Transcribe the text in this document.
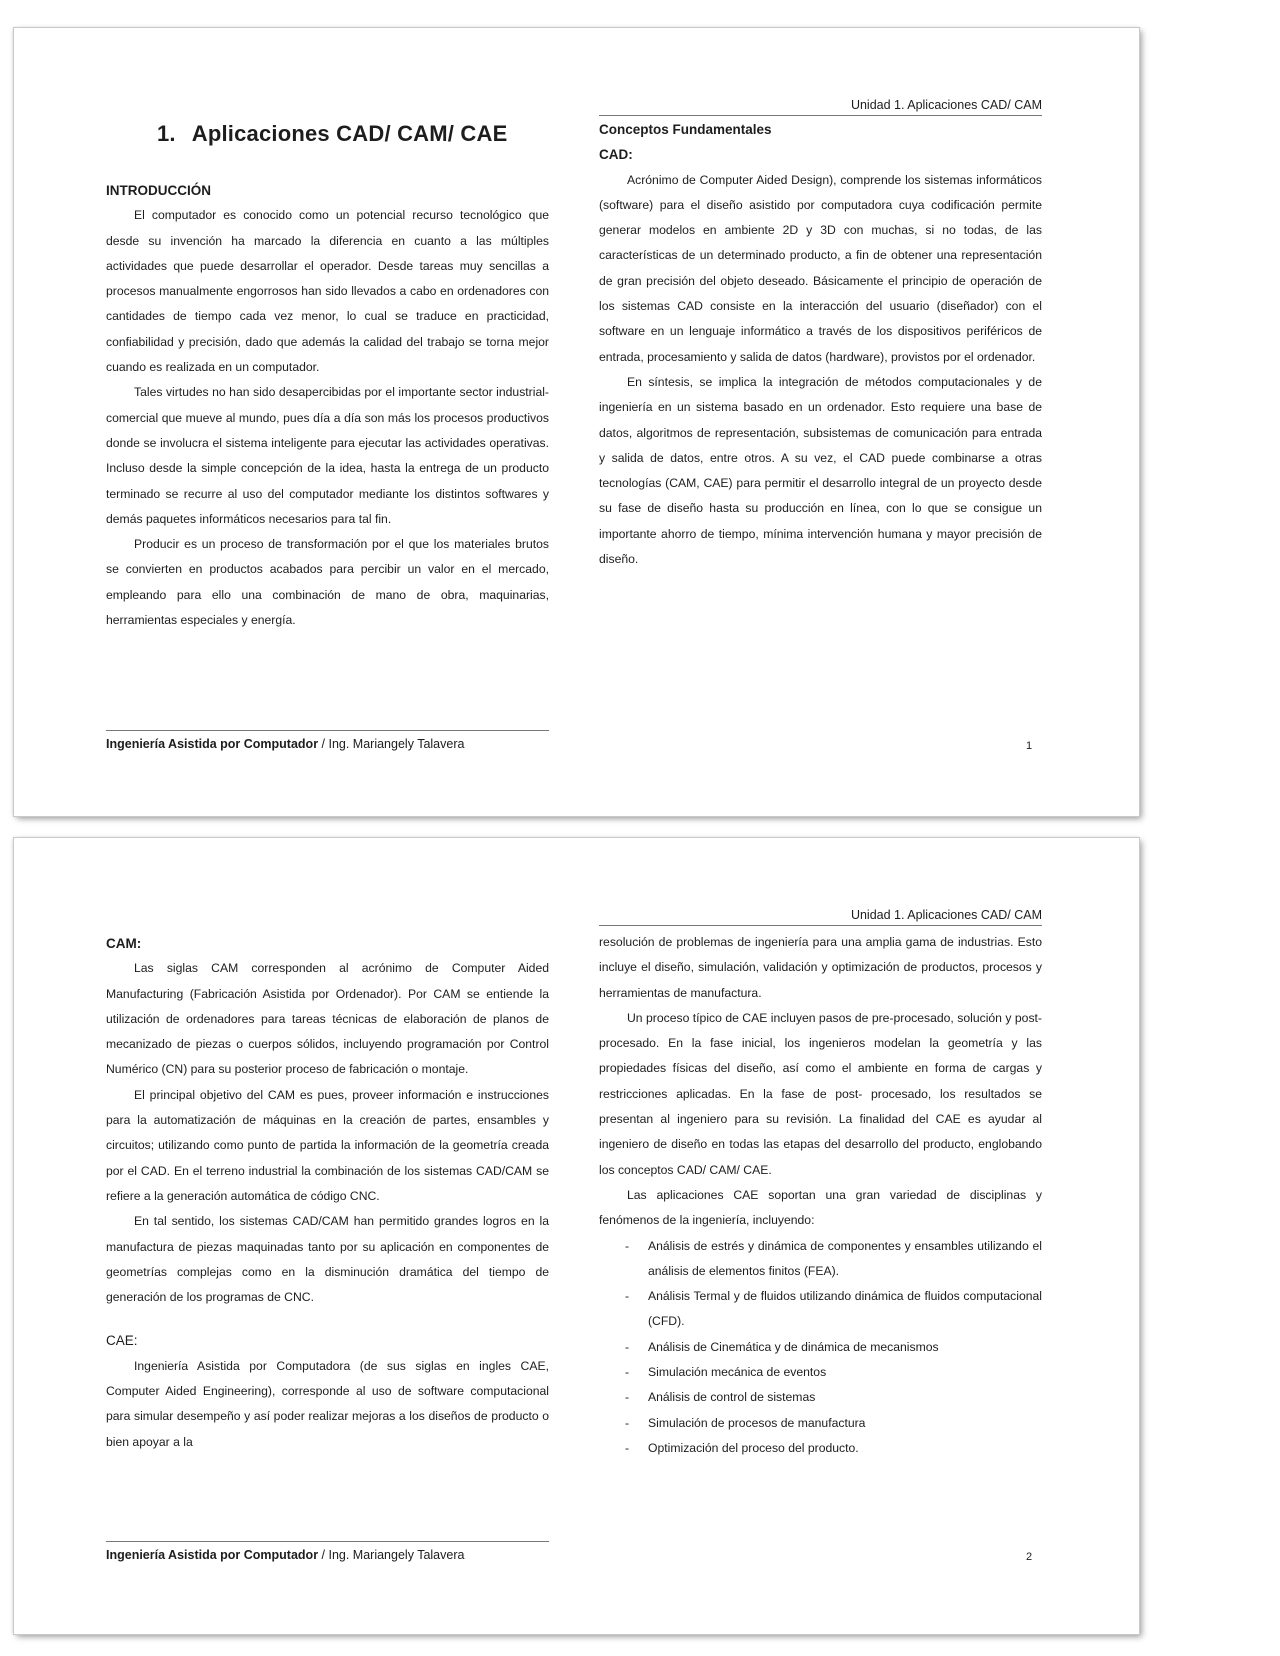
Unidad 1. Aplicaciones CAD/ CAM
1. Aplicaciones CAD/ CAM/ CAE
INTRODUCCIÓN

El computador es conocido como un potencial recurso tecnológico que desde su invención ha marcado la diferencia en cuanto a las múltiples actividades que puede desarrollar el operador. Desde tareas muy sencillas a procesos manualmente engorrosos han sido llevados a cabo en ordenadores con cantidades de tiempo cada vez menor, lo cual se traduce en practicidad, confiabilidad y precisión, dado que además la calidad del trabajo se torna mejor cuando es realizada en un computador.

Tales virtudes no han sido desapercibidas por el importante sector industrial- comercial que mueve al mundo, pues día a día son más los procesos productivos donde se involucra el sistema inteligente para ejecutar las actividades operativas. Incluso desde la simple concepción de la idea, hasta la entrega de un producto terminado se recurre al uso del computador mediante los distintos softwares y demás paquetes informáticos necesarios para tal fin.

Producir es un proceso de transformación por el que los materiales brutos se convierten en productos acabados para percibir un valor en el mercado, empleando para ello una combinación de mano de obra, maquinarias, herramientas especiales y energía.

Conceptos Fundamentales
CAD:

Acrónimo de Computer Aided Design), comprende los sistemas informáticos (software) para el diseño asistido por computadora cuya codificación permite generar modelos en ambiente 2D y 3D con muchas, si no todas, de las características de un determinado producto, a fin de obtener una representación de gran precisión del objeto deseado. Básicamente el principio de operación de los sistemas CAD consiste en la interacción del usuario (diseñador) con el software en un lenguaje informático a través de los dispositivos periféricos de entrada, procesamiento y salida de datos (hardware), provistos por el ordenador.

En síntesis, se implica la integración de métodos computacionales y de ingeniería en un sistema basado en un ordenador. Esto requiere una base de datos, algoritmos de representación, subsistemas de comunicación para entrada y salida de datos, entre otros. A su vez, el CAD puede combinarse a otras tecnologías (CAM, CAE) para permitir el desarrollo integral de un proyecto desde su fase de diseño hasta su producción en línea, con lo que se consigue un importante ahorro de tiempo, mínima intervención humana y mayor precisión de diseño.

Ingeniería Asistida por Computador / Ing. Mariangely Talavera	1
Unidad 1. Aplicaciones CAD/ CAM
CAM:

Las siglas CAM corresponden al acrónimo de Computer Aided Manufacturing (Fabricación Asistida por Ordenador). Por CAM se entiende la utilización de ordenadores para tareas técnicas de elaboración de planos de mecanizado de piezas o cuerpos sólidos, incluyendo programación por Control Numérico (CN) para su posterior proceso de fabricación o montaje.

El principal objetivo del CAM es pues, proveer información e instrucciones para la automatización de máquinas en la creación de partes, ensambles y circuitos; utilizando como punto de partida la información de la geometría creada por el CAD. En el terreno industrial la combinación de los sistemas CAD/CAM se refiere a la generación automática de código CNC.

En tal sentido, los sistemas CAD/CAM han permitido grandes logros en la manufactura de piezas maquinadas tanto por su aplicación en componentes de geometrías complejas como en la disminución dramática del tiempo de generación de los programas de CNC.

CAE:

Ingeniería Asistida por Computadora (de sus siglas en ingles CAE, Computer Aided Engineering), corresponde al uso de software computacional para simular desempeño y así poder realizar mejoras a los diseños de producto o bien apoyar a la

resolución de problemas de ingeniería para una amplia gama de industrias. Esto incluye el diseño, simulación, validación y optimización de productos, procesos y herramientas de manufactura.

Un proceso típico de CAE incluyen pasos de pre-procesado, solución y post- procesado. En la fase inicial, los ingenieros modelan la geometría y las propiedades físicas del diseño, así como el ambiente en forma de cargas y restricciones aplicadas. En la fase de post- procesado, los resultados se presentan al ingeniero para su revisión. La finalidad del CAE es ayudar al ingeniero de diseño en todas las etapas del desarrollo del producto, englobando los conceptos CAD/ CAM/ CAE.

Las aplicaciones CAE soportan una gran variedad de disciplinas y fenómenos de la ingeniería, incluyendo:

- Análisis de estrés y dinámica de componentes y ensambles utilizando el análisis de elementos finitos (FEA).
- Análisis Termal y de fluidos utilizando dinámica de fluidos computacional (CFD).
- Análisis de Cinemática y de dinámica de mecanismos
- Simulación mecánica de eventos
- Análisis de control de sistemas
- Simulación de procesos de manufactura
- Optimización del proceso del producto.
Ingeniería Asistida por Computador / Ing. Mariangely Talavera	2
